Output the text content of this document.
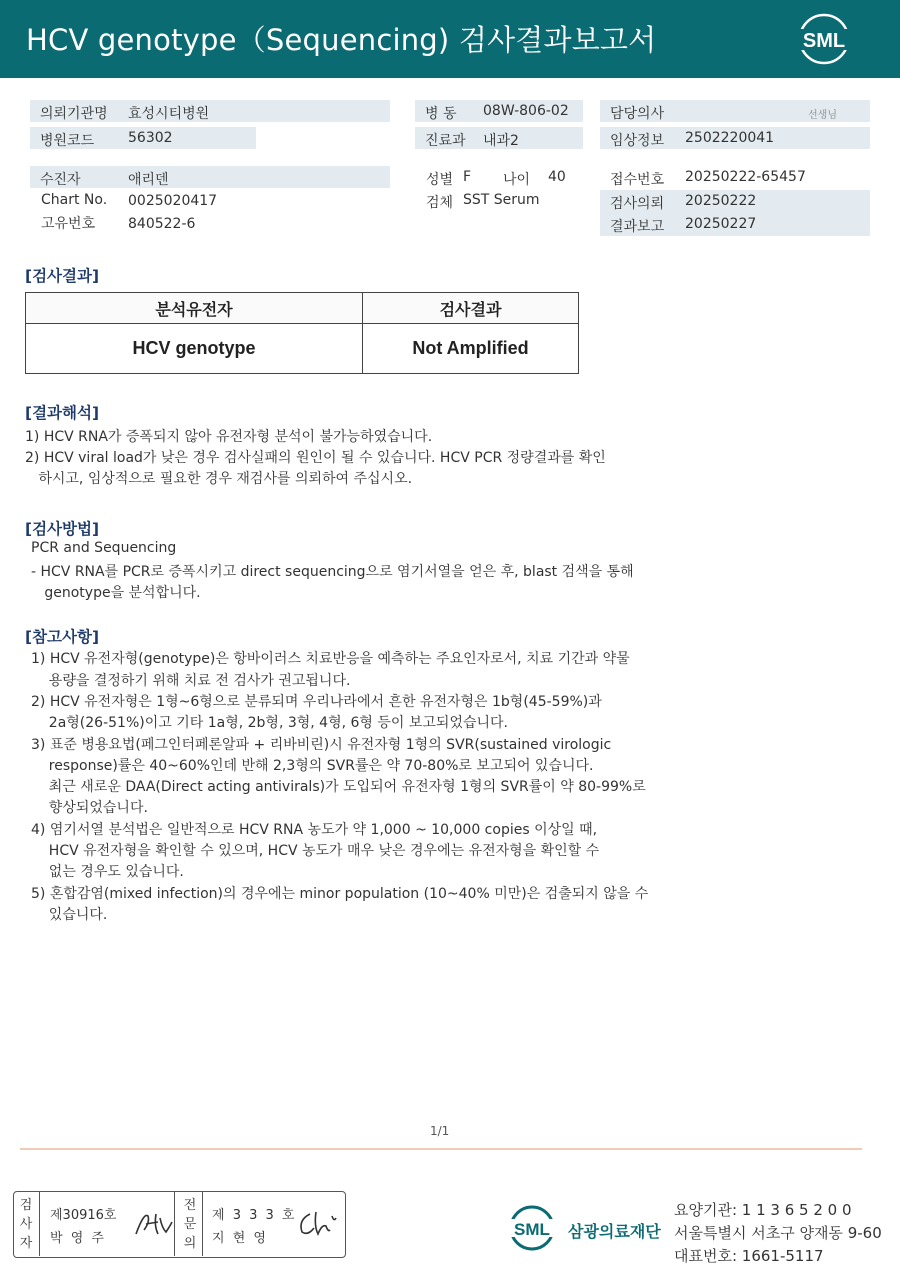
HCV genotype（Sequencing) 검사결과보고서	SML
의뢰기관명 효성시티병원
병원코드 56302
수진자	애리덴
Chart No. 0025020417
고유번호 840522-6
병 동 08W-806-02
진료과 내과2
성별 F 나이 40
검체 SST Serum
담당의사	선생님
임상정보 2502220041
접수번호 20250222-65457
검사의뢰 20250222
결과보고 20250227
[검사결과]
분석유전자	검사결과
HCV genotype	Not Amplified
[결과해석]
1) HCV RNA가 증폭되지 않아 유전자형 분석이 불가능하였습니다.
2) HCV viral load가 낮은 경우 검사실패의 원인이 될 수 있습니다. HCV PCR 정량결과를 확인
하시고, 임상적으로 필요한 경우 재검사를 의뢰하여 주십시오.
[검사방법]
PCR and Sequencing
- HCV RNA를 PCR로 증폭시키고 direct sequencing으로 염기서열을 얻은 후, blast 검색을 통해
genotype을 분석합니다.
[참고사항]
1) HCV 유전자형(genotype)은 항바이러스 치료반응을 예측하는 주요인자로서, 치료 기간과 약물
용량을 결정하기 위해 치료 전 검사가 권고됩니다.
2) HCV 유전자형은 1형~6형으로 분류되며 우리나라에서 흔한 유전자형은 1b형(45-59%)과
2a형(26-51%)이고 기타 1a형, 2b형, 3형, 4형, 6형 등이 보고되었습니다.
3) 표준 병용요법(페그인터페론알파 + 리바비린)시 유전자형 1형의 SVR(sustained virologic
response)률은 40~60%인데 반해 2,3형의 SVR률은 약 70-80%로 보고되어 있습니다.
최근 새로운 DAA(Direct acting antivirals)가 도입되어 유전자형 1형의 SVR률이 약 80-99%로
향상되었습니다.
4) 염기서열 분석법은 일반적으로 HCV RNA 농도가 약 1,000 ~ 10,000 copies 이상일 때,
HCV 유전자형을 확인할 수 있으며, HCV 농도가 매우 낮은 경우에는 유전자형을 확인할 수
없는 경우도 있습니다.
5) 혼합감염(mixed infection)의 경우에는 minor population (10~40% 미만)은 검출되지 않을 수
있습니다.
1/1
검사자
제30916호
박 영 주
전문의
제 3 3 3 호
지 현 영	SML 삼광의료재단
요양기관: 1 1 3 6 5 2 0 0
서울특별시 서초구 양재동 9-60
대표번호: 1661-5117
